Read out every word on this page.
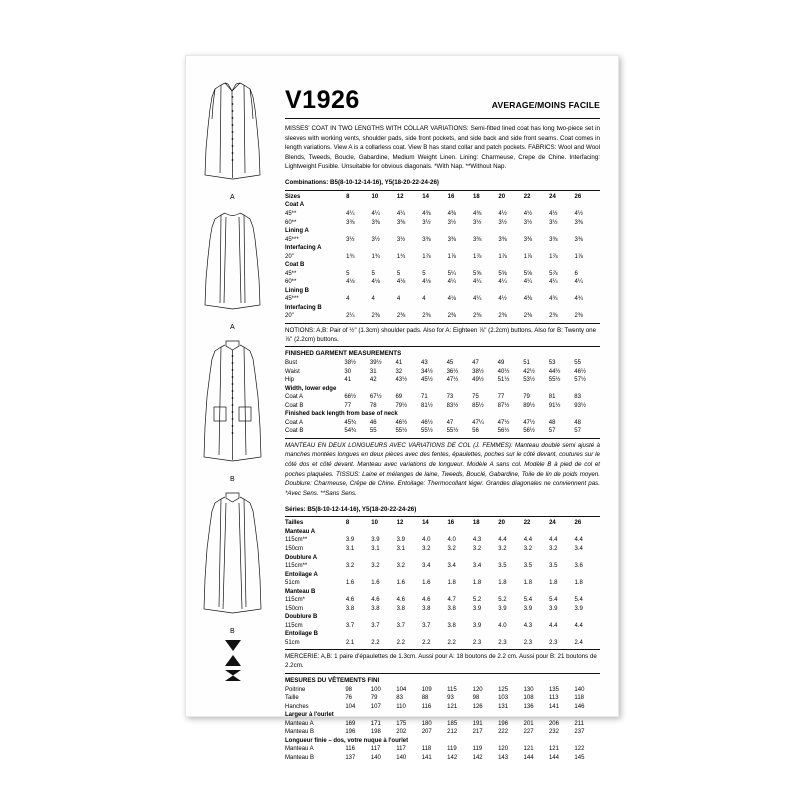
A
A
B
B
V1926	AVERAGE/MOINS FACILE
MISSES' COAT IN TWO LENGTHS WITH COLLAR VARIATIONS: Semi-fitted lined coat has long two-piece set in sleeves with working vents, shoulder pads, side front pockets, and side back and side front seams. Coat comes in length variations. View A is a collarless coat. View B has stand collar and patch pockets. FABRICS: Wool and Wool Blends, Tweeds, Boucle, Gabardine, Medium Weight Linen. Lining: Charmeuse, Crepe de Chine. Interfacing: Lightweight Fusible. Unsuitable for obvious diagonals. *With Nap. **Without Nap.
Combinations: B5(8-10-12-14-16), Y5(18-20-22-24-26)
Sizes	8	10	12	14	16	18	20	22	24	26
Coat A										
45**	4¼	4¼	4¼	4⅜	4⅜	4⅜	4½	4½	4½	4½
60**	3⅜	3⅜	3⅜	3½	3½	3½	3½	3½	3½	3⅜
Lining A										
45***	3½	3½	3½	3⅜	3⅜	3⅜	3⅜	3⅜	3⅜	3⅜
Interfacing A										
20"	1¾	1¾	1¾	1⅞	1⅞	1⅞	1⅞	1⅞	1⅞	1⅞
Coat B										
45**	5	5	5	5	5¼	5⅝	5⅝	5⅝	5⅞	6
60**	4⅛	4⅛	4⅛	4⅛	4¼	4¼	4¼	4¼	4¼	4¼
Lining B										
45***	4	4	4	4	4⅛	4¼	4½	4⅜	4¾	4¾
Interfacing B										
20"	2¼	2⅜	2⅜	2⅜	2⅜	2⅜	2⅜	2⅜	2⅜	2⅜
NOTIONS: A,B: Pair of ½" (1.3cm) shoulder pads. Also for A: Eighteen ⅞" (2.2cm) buttons. Also for B: Twenty one ⅞" (2.2cm) buttons.
FINISHED GARMENT MEASUREMENTS
Bust	38½	39½	41	43	45	47	49	51	53	55
Waist	30	31	32	34½	36½	38½	40½	42½	44½	46½
Hip	41	42	43½	45½	47½	49½	51½	53½	55½	57½
Width, lower edge										
Coat A	66½	67½	69	71	73	75	77	79	81	83
Coat B	77	78	79½	81½	83½	85½	87½	89½	91½	93½
Finished back length from base of neck										
Coat A	45¾	46	46½	46½	47	47¼	47½	47½	48	48
Coat B	54¾	55	55½	55½	55½	56	56½	56½	57	57
MANTEAU EN DEUX LONGUEURS AVEC VARIATIONS DE COL (J. FEMMES): Manteau doublé semi ajusté à manches montées longues en deux pièces avec des fentes, épaulettes, poches sur le côté devant, coutures sur le côté dos et côté devant. Manteau avec variations de longueur. Modèle A sans col. Modèle B à pied de col et poches plaquées. TISSUS: Laine et mélanges de laine, Tweeds, Bouclé, Gabardine, Toile de lin de poids moyen. Doublure: Charmeuse, Crêpe de Chine. Entoilage: Thermocollant léger. Grandes diagonales ne conviennent pas. *Avec Sens. **Sans Sens.
Séries: B5(8-10-12-14-16), Y5(18-20-22-24-26)
Tailles	8	10	12	14	16	18	20	22	24	26
Manteau A										
115cm**	3.9	3.9	3.9	4.0	4.0	4.3	4.4	4.4	4.4	4.4
150cm	3.1	3.1	3.1	3.2	3.2	3.2	3.2	3.2	3.2	3.4
Doublure A										
115cm**	3.2	3.2	3.2	3.4	3.4	3.4	3.5	3.5	3.5	3.6
Entoilage A										
51cm	1.6	1.6	1.6	1.6	1.8	1.8	1.8	1.8	1.8	1.8
Manteau B										
115cm*	4.6	4.6	4.6	4.6	4.7	5.2	5.2	5.4	5.4	5.4
150cm	3.8	3.8	3.8	3.8	3.8	3.9	3.9	3.9	3.9	3.9
Doublure B										
115cm	3.7	3.7	3.7	3.7	3.8	3.9	4.0	4.3	4.4	4.4
Entoilage B										
51cm	2.1	2.2	2.2	2.2	2.2	2.3	2.3	2.3	2.3	2.4
MERCERIE: A,B: 1 paire d'épaulettes de 1.3cm. Aussi pour A: 18 boutons de 2.2 cm. Aussi pour B: 21 boutons de 2.2cm.
MESURES DU VÊTEMENTS FINI
Poitrine	98	100	104	109	115	120	125	130	135	140
Taille	76	79	83	88	93	98	103	108	113	118
Hanches	104	107	110	116	121	126	131	136	141	146
Largeur à l'ourlet										
Manteau A	169	171	175	180	185	191	196	201	206	211
Manteau B	196	198	202	207	212	217	222	227	232	237
Longueur finie – dos, votre nuque à l'ourlet										
Manteau A	116	117	117	118	119	119	120	121	121	122
Manteau B	137	140	140	141	142	142	143	144	144	145
